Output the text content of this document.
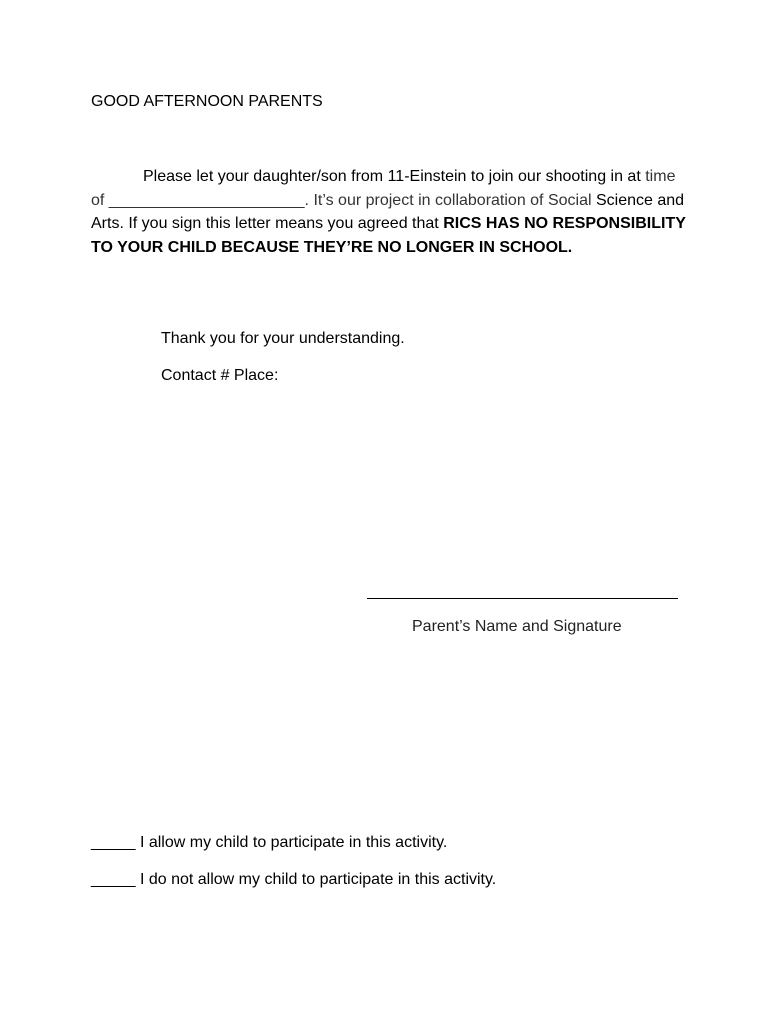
GOOD AFTERNOON PARENTS
Please let your daughter/son from 11-Einstein to join our shooting in at time of ______________________. It’s our project in collaboration of Social Science and Arts. If you sign this letter means you agreed that RICS HAS NO RESPONSIBILITY TO YOUR CHILD BECAUSE THEY’RE NO LONGER IN SCHOOL.
Thank you for your understanding.
Contact # Place:
Parent’s Name and Signature
_____ I allow my child to participate in this activity.
_____ I do not allow my child to participate in this activity.
